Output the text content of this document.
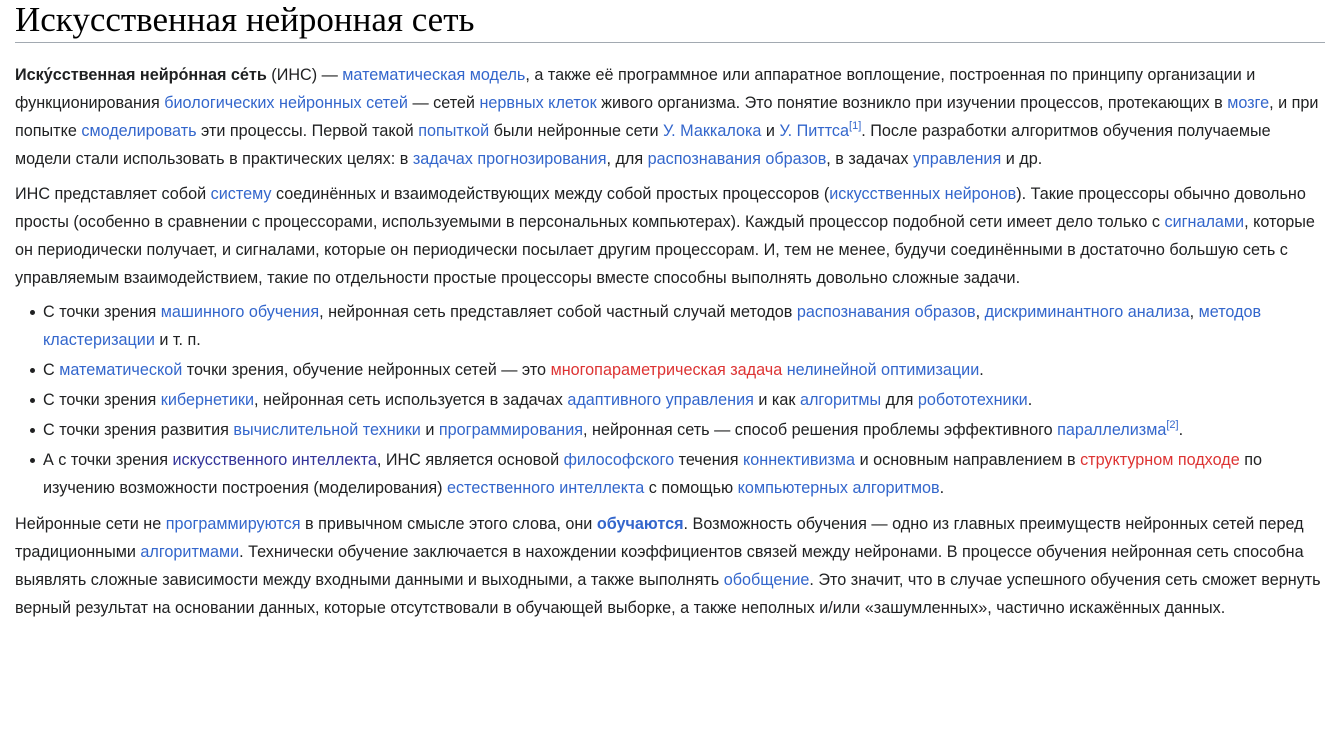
Искусственная нейронная сеть

Иску́сственная нейро́нная се́ть (ИНС) — математическая модель, а также её программное или аппаратное воплощение, построенная по принципу организации и функционирования биологических нейронных сетей — сетей нервных клеток живого организма. Это понятие возникло при изучении процессов, протекающих в мозге, и при попытке смоделировать эти процессы. Первой такой попыткой были нейронные сети У. Маккалока и У. Питтса[1]. После разработки алгоритмов обучения получаемые модели стали использовать в практических целях: в задачах прогнозирования, для распознавания образов, в задачах управления и др.

ИНС представляет собой систему соединённых и взаимодействующих между собой простых процессоров (искусственных нейронов). Такие процессоры обычно довольно просты (особенно в сравнении с процессорами, используемыми в персональных компьютерах). Каждый процессор подобной сети имеет дело только с сигналами, которые он периодически получает, и сигналами, которые он периодически посылает другим процессорам. И, тем не менее, будучи соединёнными в достаточно большую сеть с управляемым взаимодействием, такие по отдельности простые процессоры вместе способны выполнять довольно сложные задачи.

С точки зрения машинного обучения, нейронная сеть представляет собой частный случай методов распознавания образов, дискриминантного анализа, методов кластеризации и т. п.
С математической точки зрения, обучение нейронных сетей — это многопараметрическая задача нелинейной оптимизации.
С точки зрения кибернетики, нейронная сеть используется в задачах адаптивного управления и как алгоритмы для робототехники.
С точки зрения развития вычислительной техники и программирования, нейронная сеть — способ решения проблемы эффективного параллелизма[2].
А с точки зрения искусственного интеллекта, ИНС является основой философского течения коннективизма и основным направлением в структурном подходе по изучению возможности построения (моделирования) естественного интеллекта с помощью компьютерных алгоритмов.

Нейронные сети не программируются в привычном смысле этого слова, они обучаются. Возможность обучения — одно из главных преимуществ нейронных сетей перед традиционными алгоритмами. Технически обучение заключается в нахождении коэффициентов связей между нейронами. В процессе обучения нейронная сеть способна выявлять сложные зависимости между входными данными и выходными, а также выполнять обобщение. Это значит, что в случае успешного обучения сеть сможет вернуть верный результат на основании данных, которые отсутствовали в обучающей выборке, а также неполных и/или «зашумленных», частично искажённых данных.
